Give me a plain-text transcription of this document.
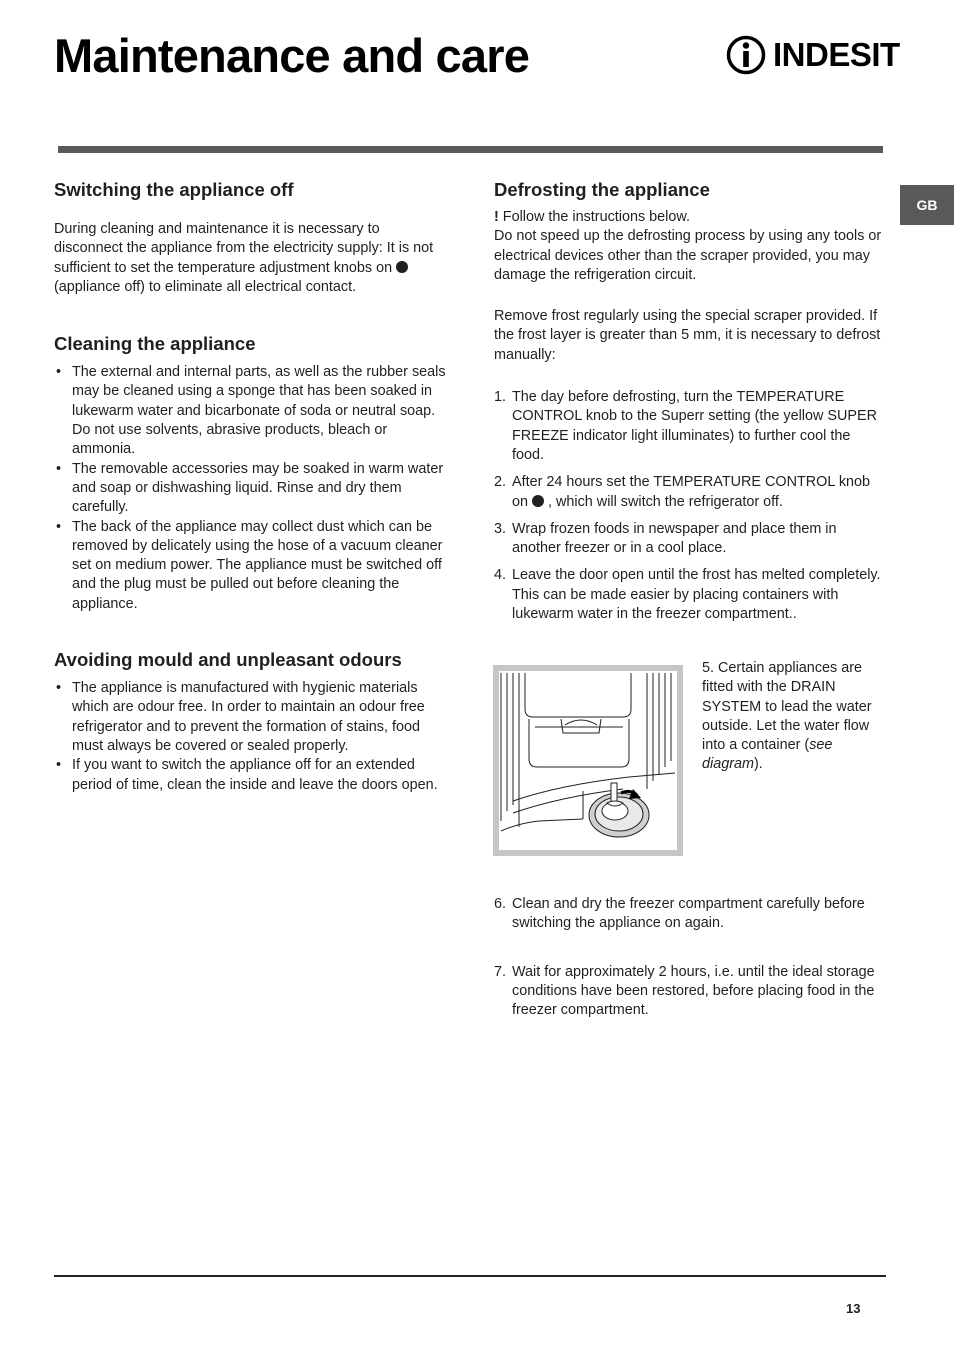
Maintenance and care	INDESIT
GB
Switching the appliance off

During cleaning and maintenance it is necessary to disconnect the appliance from the electricity supply: It is not sufficient to set the temperature adjustment knobs on  (appliance off) to eliminate all electrical contact.

Cleaning the appliance
• The external and internal parts, as well as the rubber seals may be cleaned using a sponge that has been soaked in lukewarm water and bicarbonate of soda or neutral soap. Do not use solvents, abrasive products, bleach or ammonia.
• The removable accessories may be soaked in warm water and soap or dishwashing liquid. Rinse and dry them carefully.
• The back of the appliance may collect dust which can be removed by delicately using the hose of a vacuum cleaner set on medium power. The appliance must be switched off and the plug must be pulled out before cleaning the appliance.
Avoiding mould and unpleasant odours
• The appliance is manufactured with hygienic materials which are odour free. In order to maintain an odour free refrigerator and to prevent the formation of stains, food must always be covered or sealed properly.
• If you want to switch the appliance off for an extended period of time, clean the inside and leave the doors open.
Defrosting the appliance

! Follow the instructions below.

Do not speed up the defrosting process by using any tools or electrical devices other than the scraper provided, you may damage the refrigeration circuit.

Remove frost regularly using the special scraper provided. If the frost layer is greater than 5 mm, it is necessary to defrost manually:

1. The day before defrosting, turn the TEMPERATURE CONTROL knob to the Superr setting (the yellow SUPER FREEZE indicator light illuminates) to further cool the food.
2. After 24 hours set the TEMPERATURE CONTROL knob on  , which will switch the refrigerator off.
3. Wrap frozen foods in newspaper and place them in another freezer or in a cool place.
4. Leave the door open until the frost has melted completely. This can be made easier by placing containers with lukewarm water in the freezer compartment..
6. Clean and dry the freezer compartment carefully before switching the appliance on again.
7. Wait for approximately 2 hours, i.e. until the ideal storage conditions have been restored, before placing food in the freezer compartment.
5. Certain appliances are fitted with the DRAIN SYSTEM to lead the water outside. Let the water flow into a container (see diagram).
13
